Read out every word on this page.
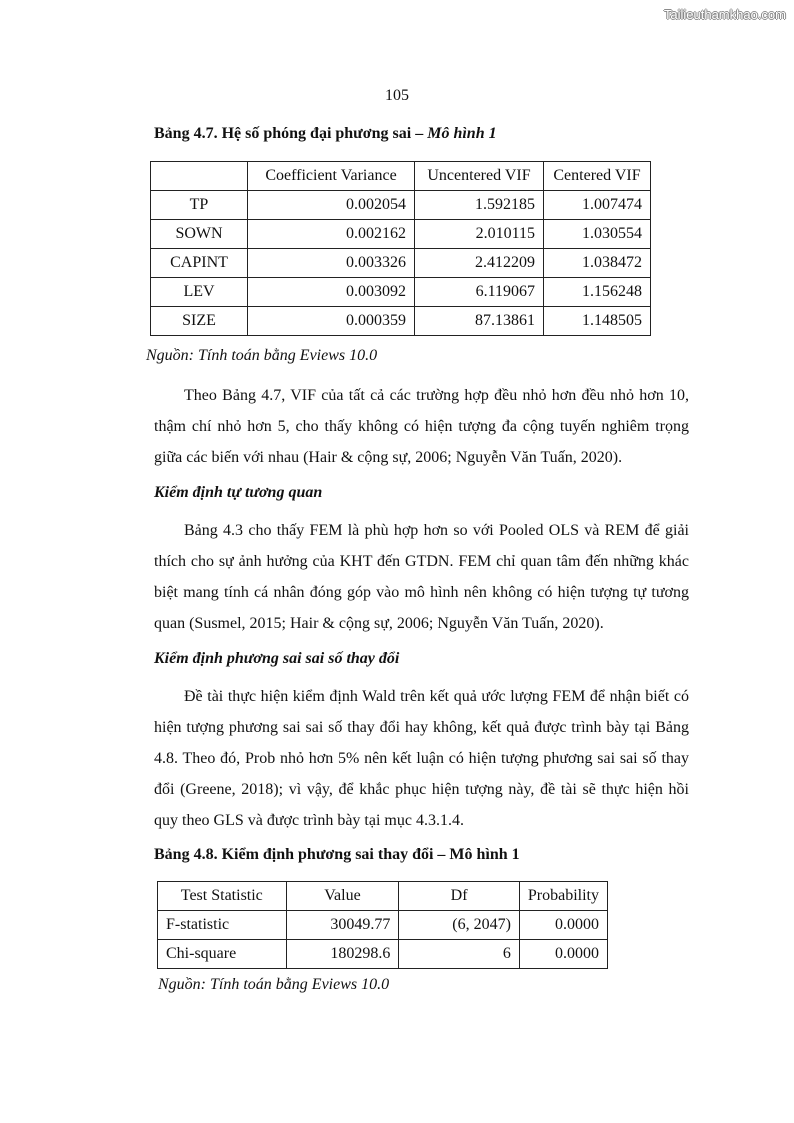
Tailieuthamkhao.com
105
Bảng 4.7. Hệ số phóng đại phương sai – Mô hình 1
	Coefficient Variance	Uncentered VIF	Centered VIF
TP	0.002054	1.592185	1.007474
SOWN	0.002162	2.010115	1.030554
CAPINT	0.003326	2.412209	1.038472
LEV	0.003092	6.119067	1.156248
SIZE	0.000359	87.13861	1.148505
Nguồn: Tính toán bằng Eviews 10.0
Theo Bảng 4.7, VIF của tất cả các trường hợp đều nhỏ hơn đều nhỏ hơn 10, thậm chí nhỏ hơn 5, cho thấy không có hiện tượng đa cộng tuyến nghiêm trọng giữa các biến với nhau (Hair & cộng sự, 2006; Nguyễn Văn Tuấn, 2020).
Kiểm định tự tương quan
Bảng 4.3 cho thấy FEM là phù hợp hơn so với Pooled OLS và REM để giải thích cho sự ảnh hưởng của KHT đến GTDN. FEM chỉ quan tâm đến những khác biệt mang tính cá nhân đóng góp vào mô hình nên không có hiện tượng tự tương quan (Susmel, 2015; Hair & cộng sự, 2006; Nguyễn Văn Tuấn, 2020).
Kiểm định phương sai sai số thay đổi
Đề tài thực hiện kiểm định Wald trên kết quả ước lượng FEM để nhận biết có hiện tượng phương sai sai số thay đổi hay không, kết quả được trình bày tại Bảng 4.8. Theo đó, Prob nhỏ hơn 5% nên kết luận có hiện tượng phương sai sai số thay đổi (Greene, 2018); vì vậy, để khắc phục hiện tượng này, đề tài sẽ thực hiện hồi quy theo GLS và được trình bày tại mục 4.3.1.4.
Bảng 4.8. Kiểm định phương sai thay đổi – Mô hình 1
Test Statistic	Value	Df	Probability
F-statistic	30049.77	(6, 2047)	0.0000
Chi-square	180298.6	6	0.0000
Nguồn: Tính toán bằng Eviews 10.0
